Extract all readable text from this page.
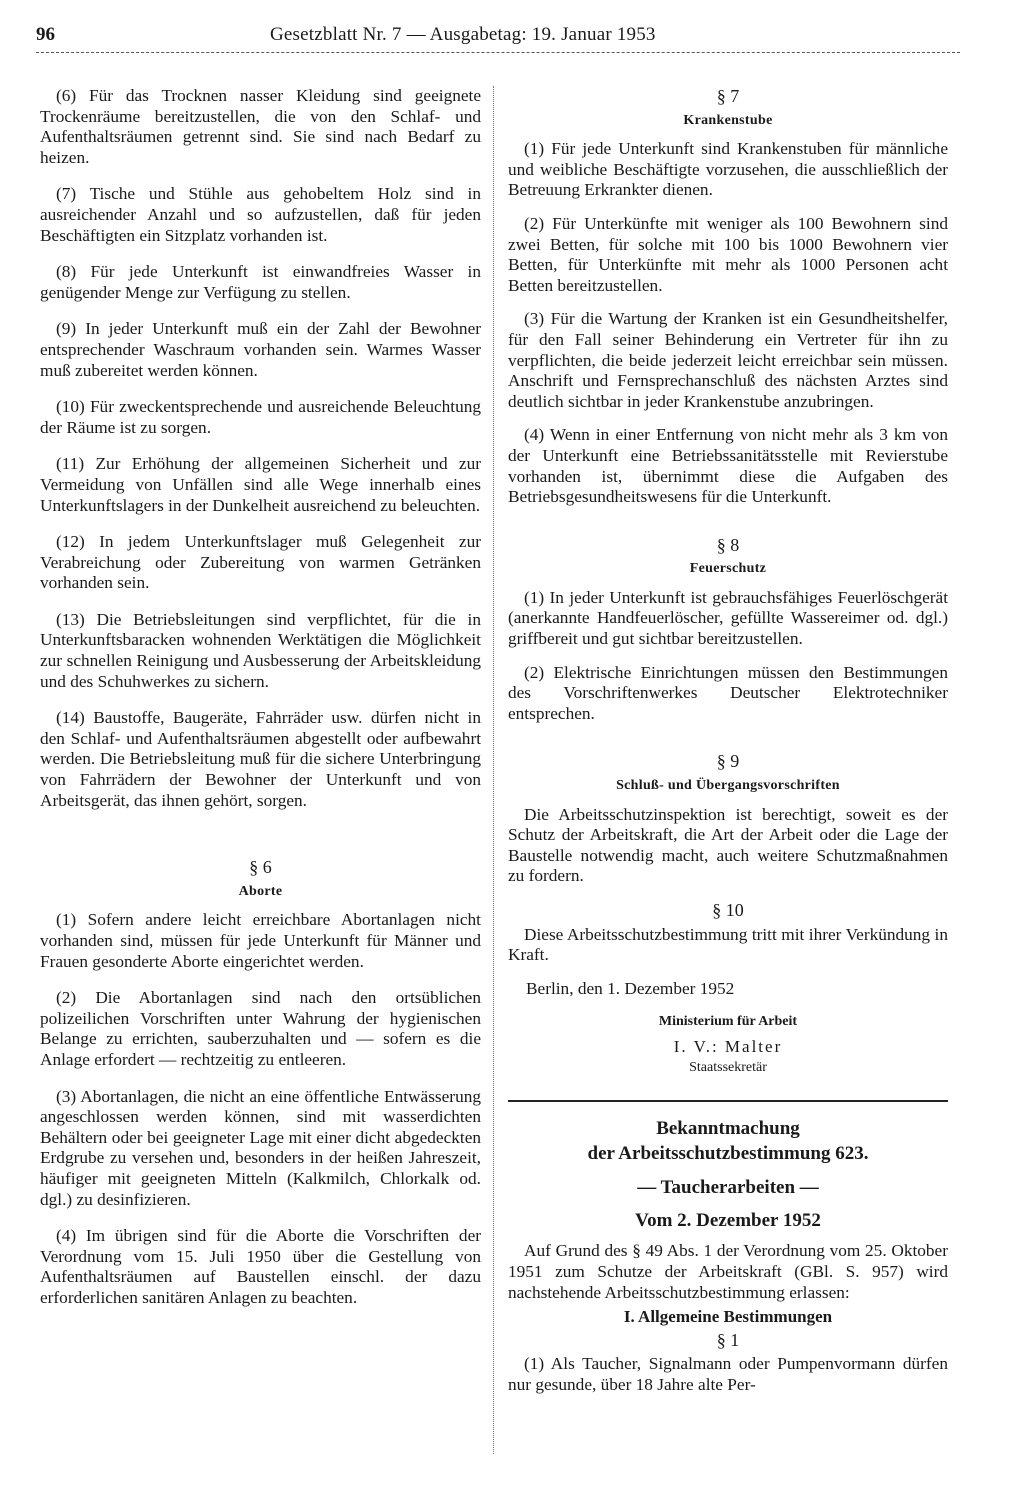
96	Gesetzblatt Nr. 7 — Ausgabetag: 19. Januar 1953

(6) Für das Trocknen nasser Kleidung sind geeignete Trockenräume bereitzustellen, die von den Schlaf- und Aufenthaltsräumen getrennt sind. Sie sind nach Bedarf zu heizen.

(7) Tische und Stühle aus gehobeltem Holz sind in ausreichender Anzahl und so aufzustellen, daß für jeden Beschäftigten ein Sitzplatz vorhanden ist.

(8) Für jede Unterkunft ist einwandfreies Wasser in genügender Menge zur Verfügung zu stellen.

(9) In jeder Unterkunft muß ein der Zahl der Bewohner entsprechender Waschraum vorhanden sein. Warmes Wasser muß zubereitet werden können.

(10) Für zweckentsprechende und ausreichende Beleuchtung der Räume ist zu sorgen.

(11) Zur Erhöhung der allgemeinen Sicherheit und zur Vermeidung von Unfällen sind alle Wege innerhalb eines Unterkunftslagers in der Dunkelheit ausreichend zu beleuchten.

(12) In jedem Unterkunftslager muß Gelegenheit zur Verabreichung oder Zubereitung von warmen Getränken vorhanden sein.

(13) Die Betriebsleitungen sind verpflichtet, für die in Unterkunftsbaracken wohnenden Werktätigen die Möglichkeit zur schnellen Reinigung und Ausbesserung der Arbeitskleidung und des Schuhwerkes zu sichern.

(14) Baustoffe, Baugeräte, Fahrräder usw. dürfen nicht in den Schlaf- und Aufenthaltsräumen abgestellt oder aufbewahrt werden. Die Betriebsleitung muß für die sichere Unterbringung von Fahrrädern der Bewohner der Unterkunft und von Arbeitsgerät, das ihnen gehört, sorgen.

§ 6
Aborte

(1) Sofern andere leicht erreichbare Abortanlagen nicht vorhanden sind, müssen für jede Unterkunft für Männer und Frauen gesonderte Aborte eingerichtet werden.

(2) Die Abortanlagen sind nach den ortsüblichen polizeilichen Vorschriften unter Wahrung der hygienischen Belange zu errichten, sauberzuhalten und — sofern es die Anlage erfordert — rechtzeitig zu entleeren.

(3) Abortanlagen, die nicht an eine öffentliche Entwässerung angeschlossen werden können, sind mit wasserdichten Behältern oder bei geeigneter Lage mit einer dicht abgedeckten Erdgrube zu versehen und, besonders in der heißen Jahreszeit, häufiger mit geeigneten Mitteln (Kalkmilch, Chlorkalk od. dgl.) zu desinfizieren.

(4) Im übrigen sind für die Aborte die Vorschriften der Verordnung vom 15. Juli 1950 über die Gestellung von Aufenthaltsräumen auf Baustellen einschl. der dazu erforderlichen sanitären Anlagen zu beachten.

§ 7
Krankenstube

(1) Für jede Unterkunft sind Krankenstuben für männliche und weibliche Beschäftigte vorzusehen, die ausschließlich der Betreuung Erkrankter dienen.

(2) Für Unterkünfte mit weniger als 100 Bewohnern sind zwei Betten, für solche mit 100 bis 1000 Bewohnern vier Betten, für Unterkünfte mit mehr als 1000 Personen acht Betten bereitzustellen.

(3) Für die Wartung der Kranken ist ein Gesundheitshelfer, für den Fall seiner Behinderung ein Vertreter für ihn zu verpflichten, die beide jederzeit leicht erreichbar sein müssen. Anschrift und Fernsprechanschluß des nächsten Arztes sind deutlich sichtbar in jeder Krankenstube anzubringen.

(4) Wenn in einer Entfernung von nicht mehr als 3 km von der Unterkunft eine Betriebssanitätsstelle mit Revierstube vorhanden ist, übernimmt diese die Aufgaben des Betriebsgesundheitswesens für die Unterkunft.

§ 8
Feuerschutz

(1) In jeder Unterkunft ist gebrauchsfähiges Feuerlöschgerät (anerkannte Handfeuerlöscher, gefüllte Wassereimer od. dgl.) griffbereit und gut sichtbar bereitzustellen.

(2) Elektrische Einrichtungen müssen den Bestimmungen des Vorschriftenwerkes Deutscher Elektrotechniker entsprechen.

§ 9
Schluß- und Übergangsvorschriften

Die Arbeitsschutzinspektion ist berechtigt, soweit es der Schutz der Arbeitskraft, die Art der Arbeit oder die Lage der Baustelle notwendig macht, auch weitere Schutzmaßnahmen zu fordern.

§ 10

Diese Arbeitsschutzbestimmung tritt mit ihrer Verkündung in Kraft.

Berlin, den 1. Dezember 1952

Ministerium für Arbeit
I. V.: Malter
Staatssekretär
Bekanntmachung
der Arbeitsschutzbestimmung 623.
— Taucherarbeiten —
Vom 2. Dezember 1952

Auf Grund des § 49 Abs. 1 der Verordnung vom 25. Oktober 1951 zum Schutze der Arbeitskraft (GBl. S. 957) wird nachstehende Arbeitsschutzbestimmung erlassen:

I. Allgemeine Bestimmungen
§ 1

(1) Als Taucher, Signalmann oder Pumpenvormann dürfen nur gesunde, über 18 Jahre alte Per-
